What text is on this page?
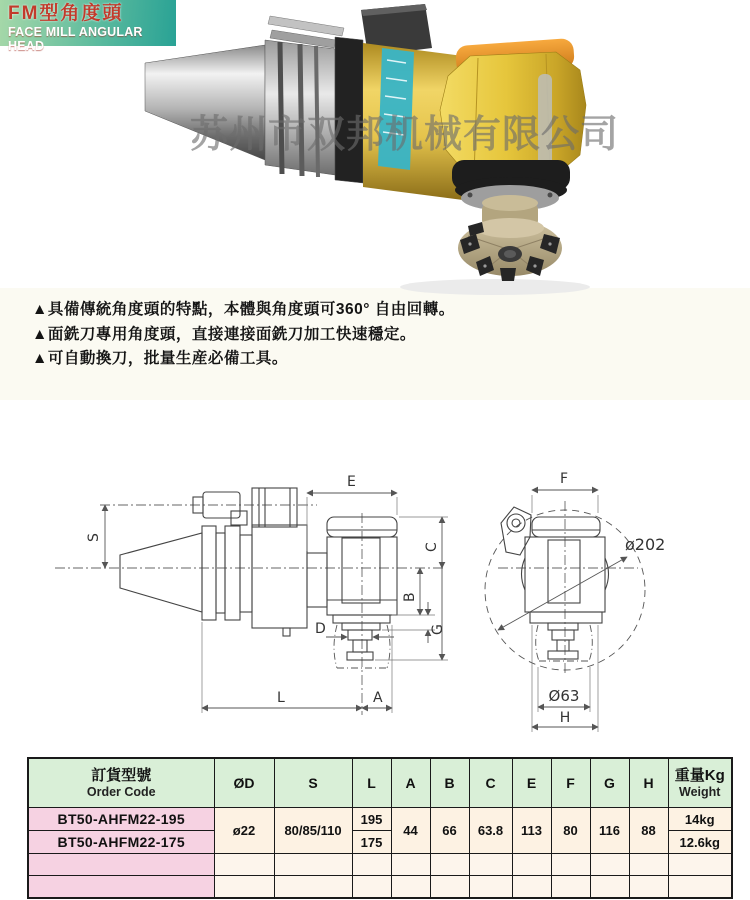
FM型角度頭
FACE MILL ANGULAR HEAD
苏州市双邦机械有限公司
▲具備傳統角度頭的特點，本體與角度頭可360° 自由回轉。
▲面銑刀專用角度頭，直接連接面銑刀加工快速穩定。
▲可自動換刀，批量生産必備工具。
S
E
C
B
G
D
L	A
F
ø202
Ø63
H
訂貨型號
Order Code
	ØD	S	L	A	B	C	E	F	G	H	重量Kg
Weight

BT50-AHFM22-195	ø22	80/85/110	195	44	66	63.8	113	80	116	88	14kg
BT50-AHFM22-175			175								12.6kg
